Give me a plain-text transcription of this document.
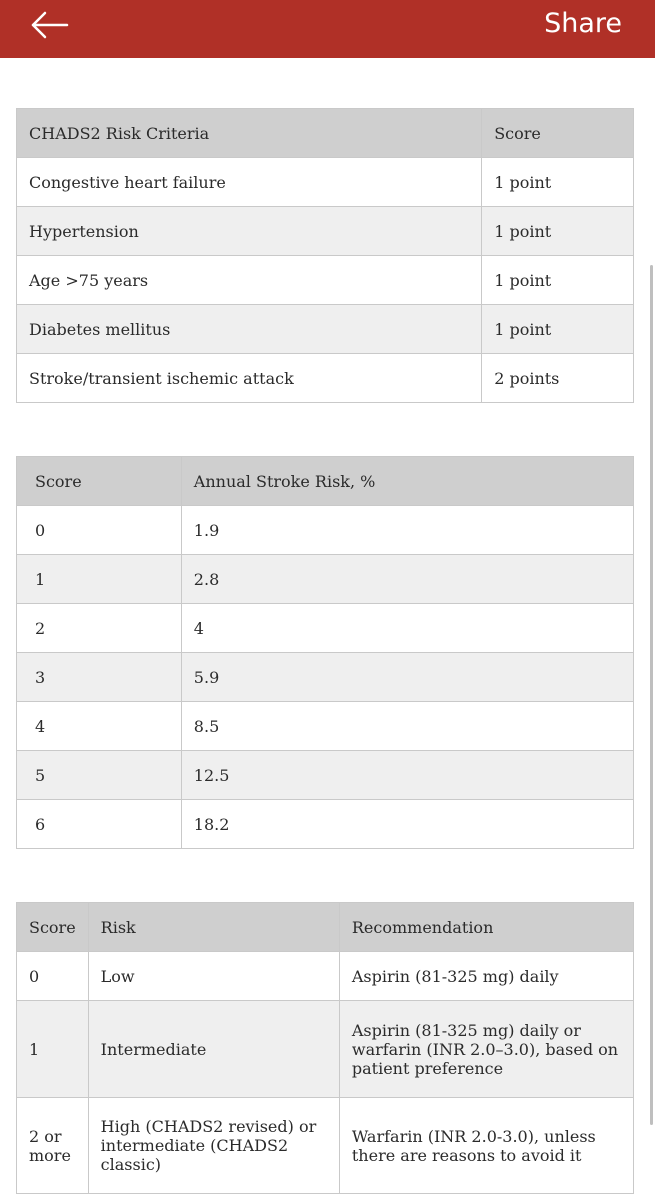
Share
CHADS2 Risk Criteria	Score
Congestive heart failure	1 point
Hypertension	1 point
Age >75 years	1 point
Diabetes mellitus	1 point
Stroke/transient ischemic attack	2 points
Score	Annual Stroke Risk, %
0	1.9
1	2.8
2	4
3	5.9
4	8.5
5	12.5
6	18.2
Score	Risk	Recommendation
0	Low	Aspirin (81-325 mg) daily
1	Intermediate	Aspirin (81-325 mg) daily or warfarin (INR 2.0–3.0), based on patient preference
2 or more	High (CHADS2 revised) or intermediate (CHADS2 classic)	Warfarin (INR 2.0-3.0), unless there are reasons to avoid it
